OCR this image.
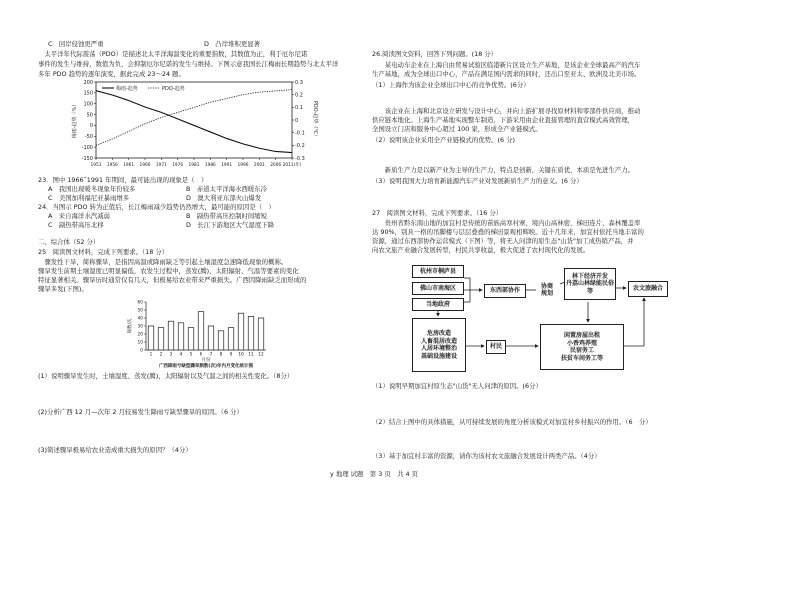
C　回岸侵蚀更严重	D　凸岸堆积更显著
　太平洋年代际震荡（PDO）是描述北太平洋海温变化的重要指数，其数值为正，利于厄尔尼诺
事件的发生与维持，数值为负，会抑制厄尔尼诺的发生与维持。下图示意我国长江梅雨长期趋势与北太平洋
多年 PDO 趋势的逐年演变，据此完成 23～24 题。
200
150
100
50
0
-50
-100
-150
0.3
0.2
0.1
0
-0.1
-0.2
-0.3
1951 1956 1961 1966 1971 1976 1981 1986 1991 1996 2001 2006 2011(年)
梅雨-趋势（%）	PDO-趋势（℃）
梅雨-趋势	PDO-趋势
23．图中 1966˜1991 年期间，最可能出现的现象是（　）
A　我国出现暖冬现象年份较多	B　赤道太平洋海水西暖东冷
C　美国加利福尼亚暴雨增多	D　澳大利亚东部火山爆发
24．当图示 PDO 转为正值后，长江梅雨减少趋势仍然增大，最可能的原因是（　）
A　来自海洋水汽减弱	B　副热带高压控制时间缩短
C　副热带高压北移	D　长江下游地区大气湿度下降
二、综合体（52 分）
25　阅读图文材料，完成下列要求。（18 分）
　骤发性干旱，简称骤旱，是指因高温或降雨缺乏等引起土壤湿度急速降低现象的概称。
骤旱发生前期土壤湿度已明显偏低，农发生过程中，蒸发(腾)、太阳辐射、气温等要素的变化
特征显著相关。骤旱历时通常仅有几天，但极易给农业带来严重损失。广西因降雨缺乏而形成的
骤旱多发(下图)。
60
50
40
30
20
10
0
频数/次
1 2 3 4 5 6 7 8 9 10 11 12
月份
广西降雨亏缺型骤旱频数(次)年内月变化统计图
(1）说明骤旱发生时，土壤湿度、蒸发(腾)、太阳辐射以及气温之间的相关性变化。（8分）
(2)分析广西 12 月—次年 2 月较易发生降雨亏缺型骤旱的原因。（6 分）
(3)简述骤旱极易给农业造成重大损失的原因？（4分）
26.阅读图文资料，回答下列问题。(18 分）
　　某电动车企业在上海自由贸易试验区临港新片区设立生产基地，是该企业全球最高产的汽车
生产基地，成为全球出口中心，产品在满足国内需求的同时，还出口至亚太、欧洲及北美市场。
（1）上海作为该企业全球出口中心的竞争优势。(6分）
　　该企业在上海和北京设立研发与设计中心，并向上游扩展寻找原材料和零部件供应商，推动
供应链本地化。上海生产基地实现整车制造，下游采用由企业直接管理的直营模式高效管理，
全国设立门店和服务中心超过 100 家，形成全产业链模式。
（2）说明该企业采用全产业链模式的优势。(6 分)
　　新质生产力是以新产业为主导的生产力，特点是创新，关键在质优，本质是先进生产力。
（3）说明我国大力培育新能源汽车产业对发展新质生产力的意义。(6 分）
27　阅读图文材料，完成下列要求。（16 分）
　　贵州省黔东南山地的加宜村是传统的苗族高寒村寨，境内山高林密，梯田连片，森林覆盖率
达 90%，别具一格的吊脚楼与层层叠叠的梯田景观相辉映。近十几年来，加宜村依托当地丰富的
资源，通过东西部协作运营模式（下图）等，将无人问津的原生态"山货"加工成热销产品，并
向农文旅产业融合发展转型，村民共享收益，极大促进了农村现代化的发展。
杭州市桐庐县
佛山市南海区
当地政府
东西部协作
协商
规划
林下经济开发
丹荔山林绿能民俗
等	农文旅融合
危房改造
人畜混居改造
人居环境整治
基础设施建设
村民
闲置房屋出租
小香鸡养殖
民宿务工
扶贫车间务工等
（1）说明早期加宜村原生态"山货"无人问津的原因。(6分）
（2）结合上图中的具体措施，从可持续发展的角度分析该模式对加宜村乡村振兴的作用。（6　分）
（3）基于加宜村丰富的资源，请你为该村农文旅融合发展设计两类产品。（4分）
y 地理 试题　第 3 页　共 4 页
